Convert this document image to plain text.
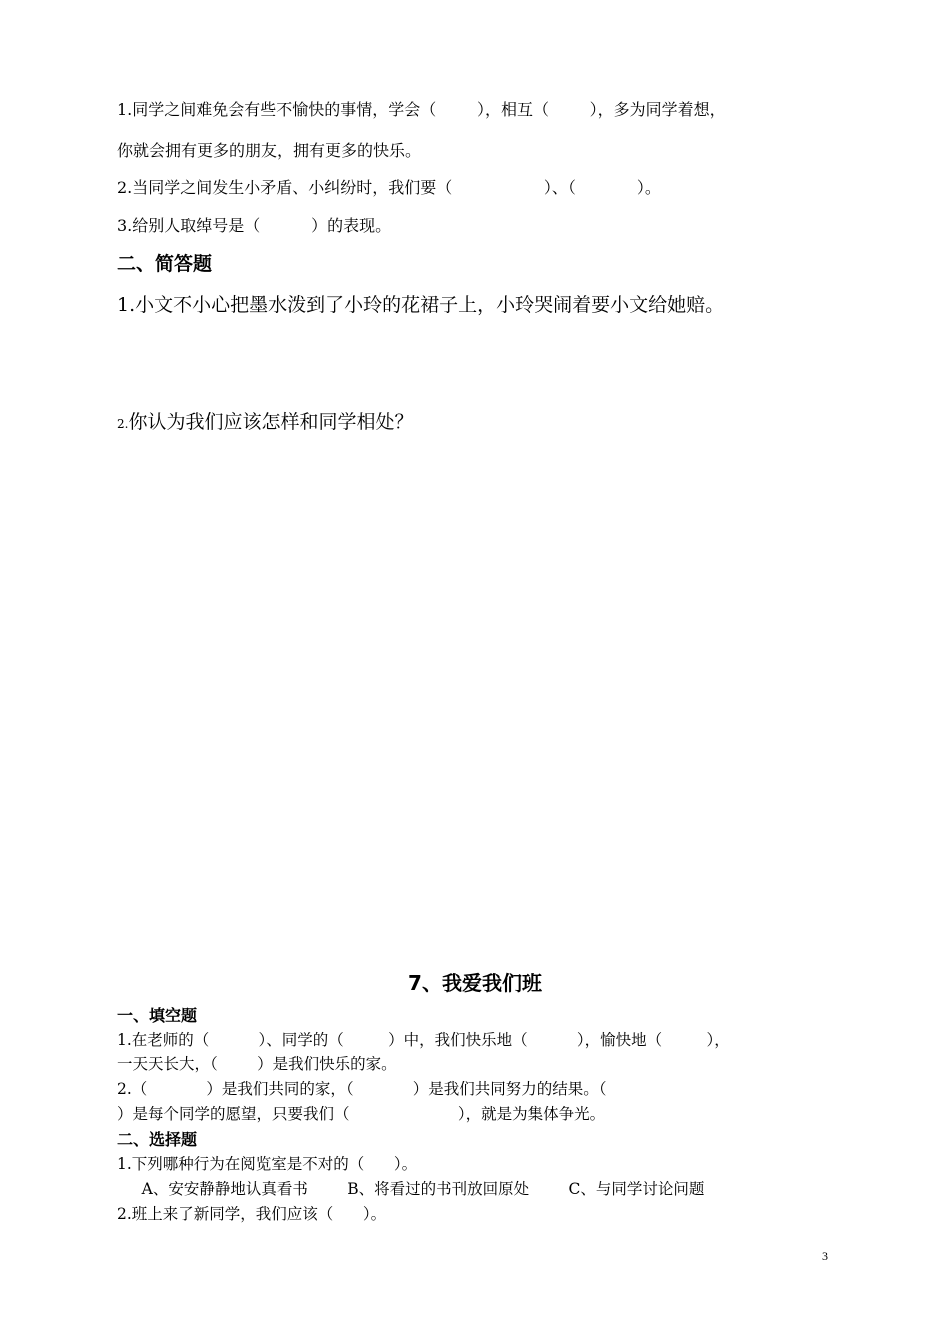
1.同学之间难免会有些不愉快的事情，学会（        ），相互（        ），多为同学着想，
你就会拥有更多的朋友，拥有更多的快乐。
2.当同学之间发生小矛盾、小纠纷时，我们要（                  ）、（            ）。
3.给别人取绰号是（          ）的表现。
二、简答题
1.小文不小心把墨水泼到了小玲的花裙子上，小玲哭闹着要小文给她赔。
2.你认为我们应该怎样和同学相处？
7、我爱我们班
一、填空题
1.在老师的（          ）、同学的（         ）中，我们快乐地（          ），愉快地（         ），
一天天长大，（        ）是我们快乐的家。
2.（            ）是我们共同的家，（            ）是我们共同努力的结果。（
）是每个同学的愿望，只要我们（                      ），就是为集体争光。
二、选择题
1.下列哪种行为在阅览室是不对的（      ）。
A、安安静静地认真看书        B、将看过的书刊放回原处        C、与同学讨论问题
2.班上来了新同学，我们应该（      ）。
3
